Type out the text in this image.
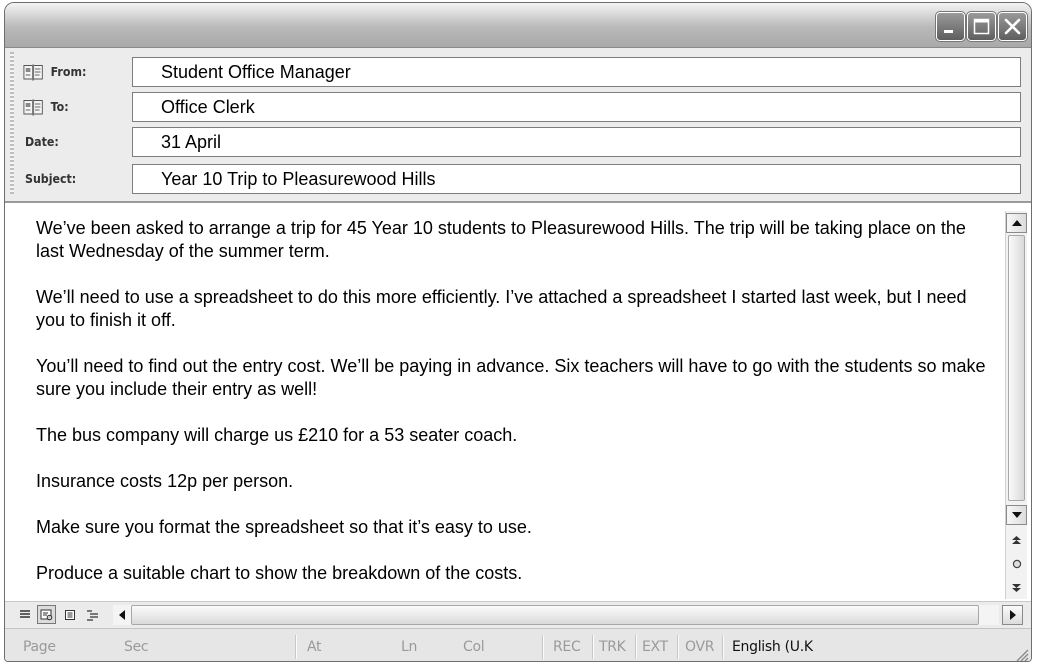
From:	Student Office Manager
To:	Office Clerk
Date:	31 April
Subject:	Year 10 Trip to Pleasurewood Hills

We’ve been asked to arrange a trip for 45 Year 10 students to Pleasurewood Hills. The trip will be taking place on the last Wednesday of the summer term.

We’ll need to use a spreadsheet to do this more efficiently. I’ve attached a spreadsheet I started last week, but I need you to finish it off.

You’ll need to find out the entry cost. We’ll be paying in advance. Six teachers will have to go with the students so make sure you include their entry as well!

The bus company will charge us £210 for a 53 seater coach.

Insurance costs 12p per person.

Make sure you format the spreadsheet so that it’s easy to use.

Produce a suitable chart to show the breakdown of the costs.

Page	Sec	At	Ln	Col	REC TRK EXT OVR English (U.K
